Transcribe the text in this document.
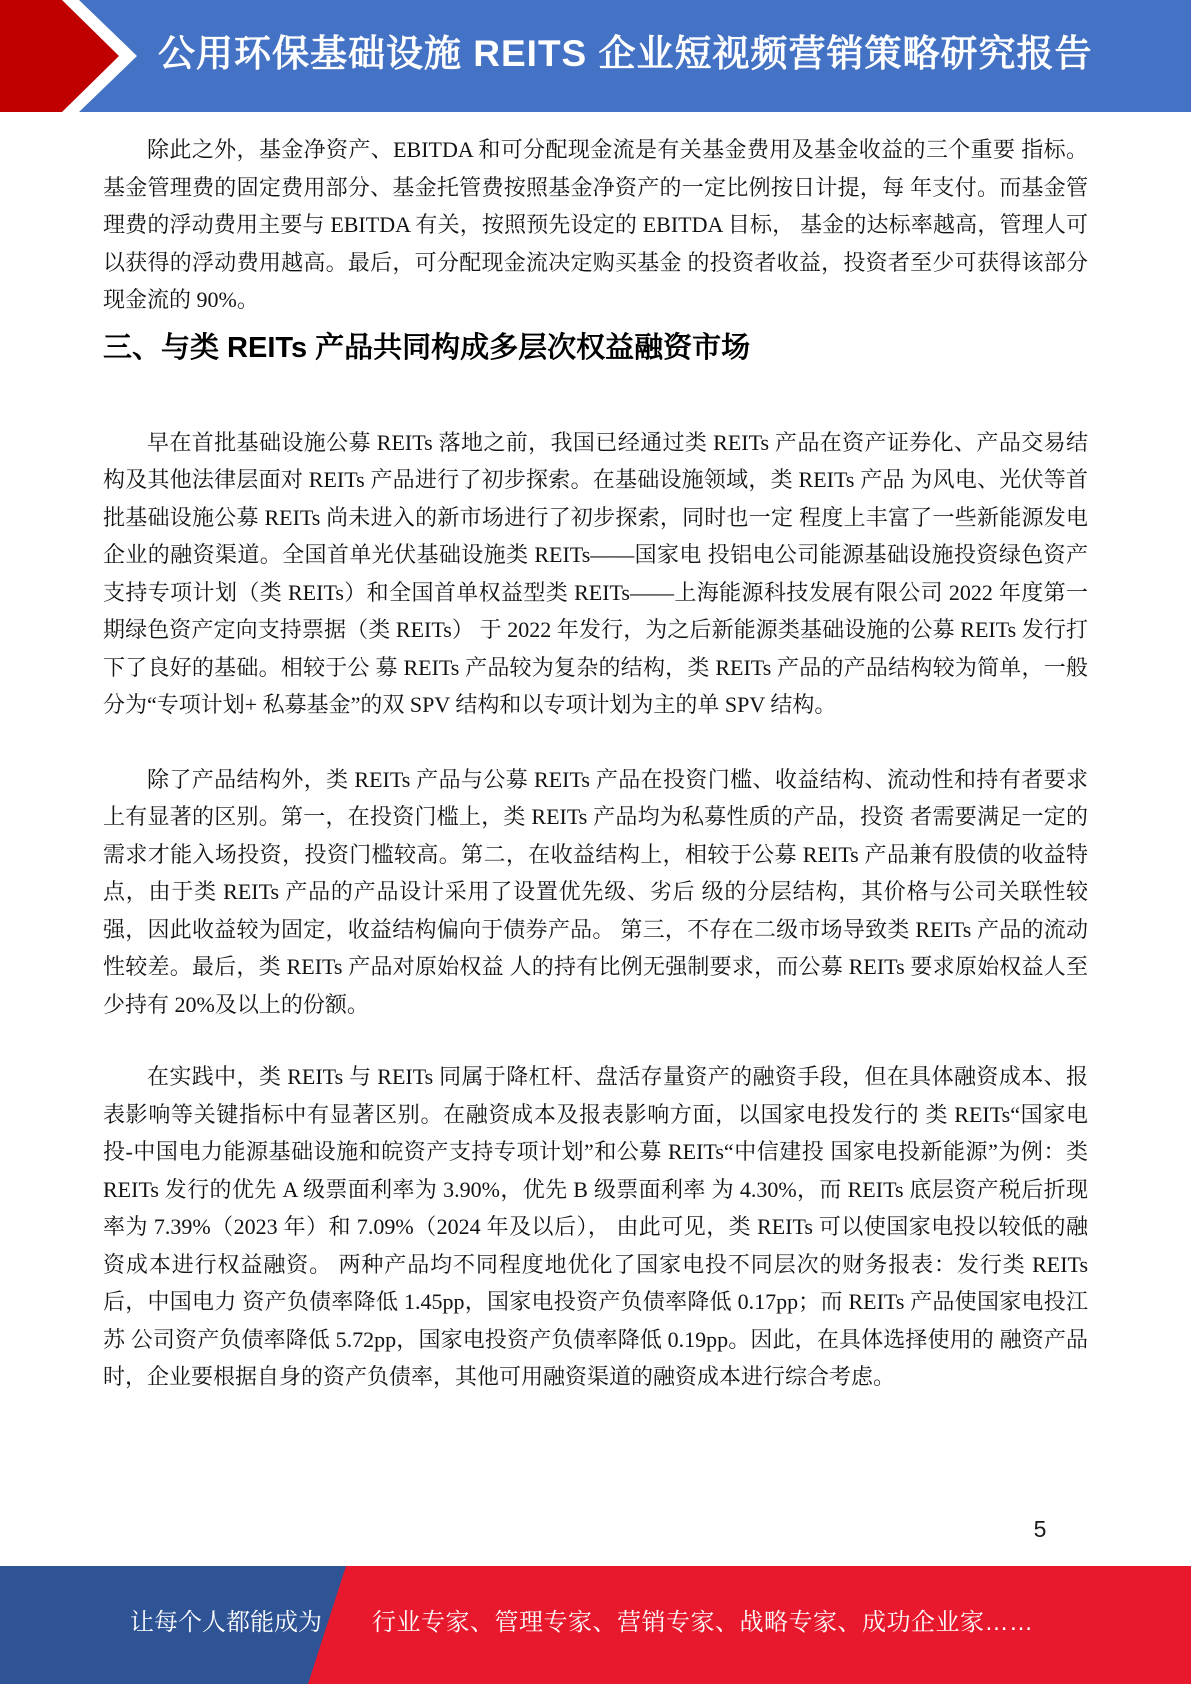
公用环保基础设施 REITS 企业短视频营销策略研究报告

除此之外，基金净资产、EBITDA 和可分配现金流是有关基金费用及基金收益的三个重要 指标。基金管理费的固定费用部分、基金托管费按照基金净资产的一定比例按日计提，每 年支付。而基金管理费的浮动费用主要与 EBITDA 有关，按照预先设定的 EBITDA 目标， 基金的达标率越高，管理人可以获得的浮动费用越高。最后，可分配现金流决定购买基金 的投资者收益，投资者至少可获得该部分现金流的 90%。

三、与类 REITs 产品共同构成多层次权益融资市场

早在首批基础设施公募 REITs 落地之前，我国已经通过类 REITs 产品在资产证券化、产品交易结构及其他法律层面对 REITs 产品进行了初步探索。在基础设施领域，类 REITs 产品 为风电、光伏等首批基础设施公募 REITs 尚未进入的新市场进行了初步探索，同时也一定 程度上丰富了一些新能源发电企业的融资渠道。全国首单光伏基础设施类 REITs——国家电 投铝电公司能源基础设施投资绿色资产支持专项计划（类 REITs）和全国首单权益型类 REITs——上海能源科技发展有限公司 2022 年度第一期绿色资产定向支持票据（类 REITs） 于 2022 年发行，为之后新能源类基础设施的公募 REITs 发行打下了良好的基础。相较于公 募 REITs 产品较为复杂的结构，类 REITs 产品的产品结构较为简单，一般分为“专项计划+ 私募基金”的双 SPV 结构和以专项计划为主的单 SPV 结构。

除了产品结构外，类 REITs 产品与公募 REITs 产品在投资门槛、收益结构、流动性和持有者要求上有显著的区别。第一，在投资门槛上，类 REITs 产品均为私募性质的产品，投资 者需要满足一定的需求才能入场投资，投资门槛较高。第二，在收益结构上，相较于公募 REITs 产品兼有股债的收益特点，由于类 REITs 产品的产品设计采用了设置优先级、劣后 级的分层结构，其价格与公司关联性较强，因此收益较为固定，收益结构偏向于债券产品。 第三，不存在二级市场导致类 REITs 产品的流动性较差。最后，类 REITs 产品对原始权益 人的持有比例无强制要求，而公募 REITs 要求原始权益人至少持有 20%及以上的份额。

在实践中，类 REITs 与 REITs 同属于降杠杆、盘活存量资产的融资手段，但在具体融资成本、报表影响等关键指标中有显著区别。在融资成本及报表影响方面，以国家电投发行的 类 REITs“国家电投-中国电力能源基础设施和皖资产支持专项计划”和公募 REITs“中信建投 国家电投新能源”为例：类 REITs 发行的优先 A 级票面利率为 3.90%，优先 B 级票面利率 为 4.30%，而 REITs 底层资产税后折现率为 7.39%（2023 年）和 7.09%（2024 年及以后）， 由此可见，类 REITs 可以使国家电投以较低的融资成本进行权益融资。 两种产品均不同程度地优化了国家电投不同层次的财务报表：发行类 REITs 后，中国电力 资产负债率降低 1.45pp，国家电投资产负债率降低 0.17pp；而 REITs 产品使国家电投江苏 公司资产负债率降低 5.72pp，国家电投资产负债率降低 0.19pp。因此，在具体选择使用的 融资产品时，企业要根据自身的资产负债率，其他可用融资渠道的融资成本进行综合考虑。

5
让每个人都能成为 行业专家、管理专家、营销专家、战略专家、成功企业家……
